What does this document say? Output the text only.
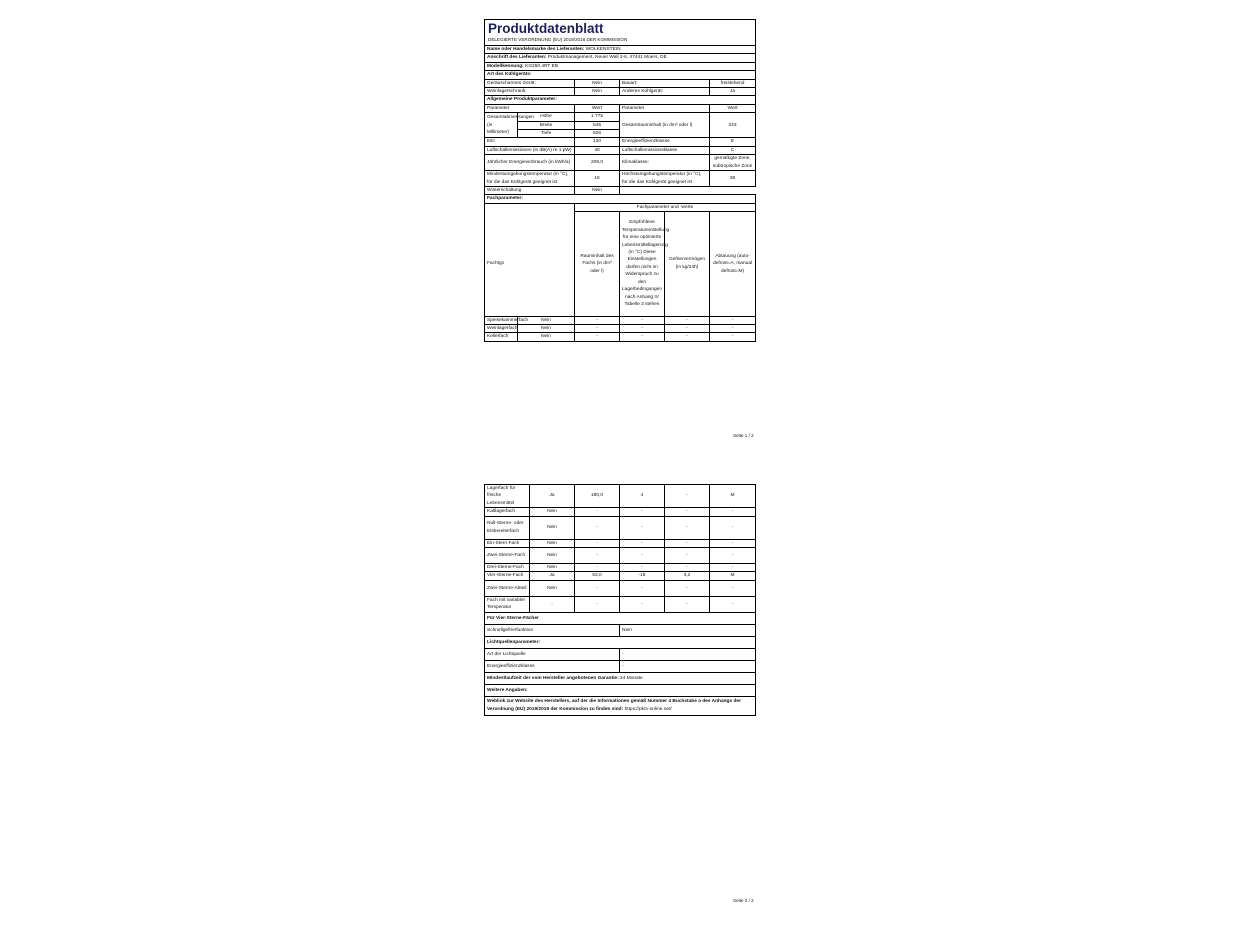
Produktdatenblatt
DELEGIERTE VERORDNUNG (EU) 2019/2016 DER KOMMISSION					

Name oder Handelsmarke des Lieferanten: WOLKENSTEIN					
Anschrift des Lieferanten: Produktmanagement, Neuer Wall 2-6, 47441 Moers, DE					
Modellkennung: KG250.4RT EB					
Art des Kühlgeräts:					
Geräuscharmes Gerät:		Nein	Bauart:		freistehend
Weinlagerschrank:		Nein	Anderes Kühlgerät:		Ja
Allgemeine Produktparameter:					
Parameter		Wert	Parameter		Wert
Gesamtabmessungen (in Millimeter)	Höhe	1 775	Gesamtrauminhalt (in dm³ oder l)		243
	Breite	545			
	Tiefe	626			
EEI		130	Energieeffizienzklasse		E
Luftschallemissionen (in dB(A) re 1 pW)		40	Luftschallemissionsklasse		C
Jährlicher Energieverbrauch (in kWh/a)		209,0	Klimaklasse:		gemäßigte Zone, subtropische Zone
Mindestumgebungstemperatur (in °C), für die das Kühlgerät geeignet ist		16	Höchstumgebungstemperatur (in °C), für die das Kühlgerät geeignet ist		38
Winterschaltung		Nein			
Fachparameter:					
		Fachparameter und -werte			
Fachtyp		Rauminhalt des Fachs (in dm³ oder l)	Empfohlene Temperatureinstellung für eine optimierte Lebensmittellagerung (in °C) Diese Einstellungen dürfen nicht im Widerspruch zu den Lagerbedingungen nach Anhang IV Tabelle 3 stehen	Gefriervermögen (in kg/24h)	Abtauung (auto-defrost=A, manual defrost=M)
Speisekammerfach	Nein	-	-	-	-
Weinlagerfach	Nein	-	-	-	-
Kellerfach	Nein	-	-	-	-
Seite 1 / 2
Lagerfach für frische Lebensmittel	Ja	180,0	4	-	M
Kaltlagerfach	Nein	-	-	-	-
Null-Sterne- oder Eisbereiterfach	Nein	-	-	-	-
Ein-Stern-Fach	Nein	-	-	-	-
Zwei-Sterne-Fach	Nein	-	-	-	-
Drei-Sterne-Fach	Nein	-	-	-	-
Vier-Sterne-Fach	Ja	63,0	-18	3,2	M
Zwei-Sterne-Abteil	Nein	-	-	-	-
Fach mit variabler Temperatur	-	-	-	-	-
Für Vier-Sterne-Fächer					
Schnellgefrierfunktion			Nein		
Lichtquellenparameter:					
Art der Lichtquelle			-		
Energieeffizienzklasse			-		
Mindestlaufzeit der vom Hersteller angebotenen Garantie: 24 Monate					
Weitere Angaben:					
Weblink zur Website des Herstellers, auf der die Informationen gemäß Nummer 4 Buchstabe a des Anhangs der Verordnung (EU) 2019/2019 der Kommission zu finden sind: https://pkm-online.net/					
Seite 2 / 2
